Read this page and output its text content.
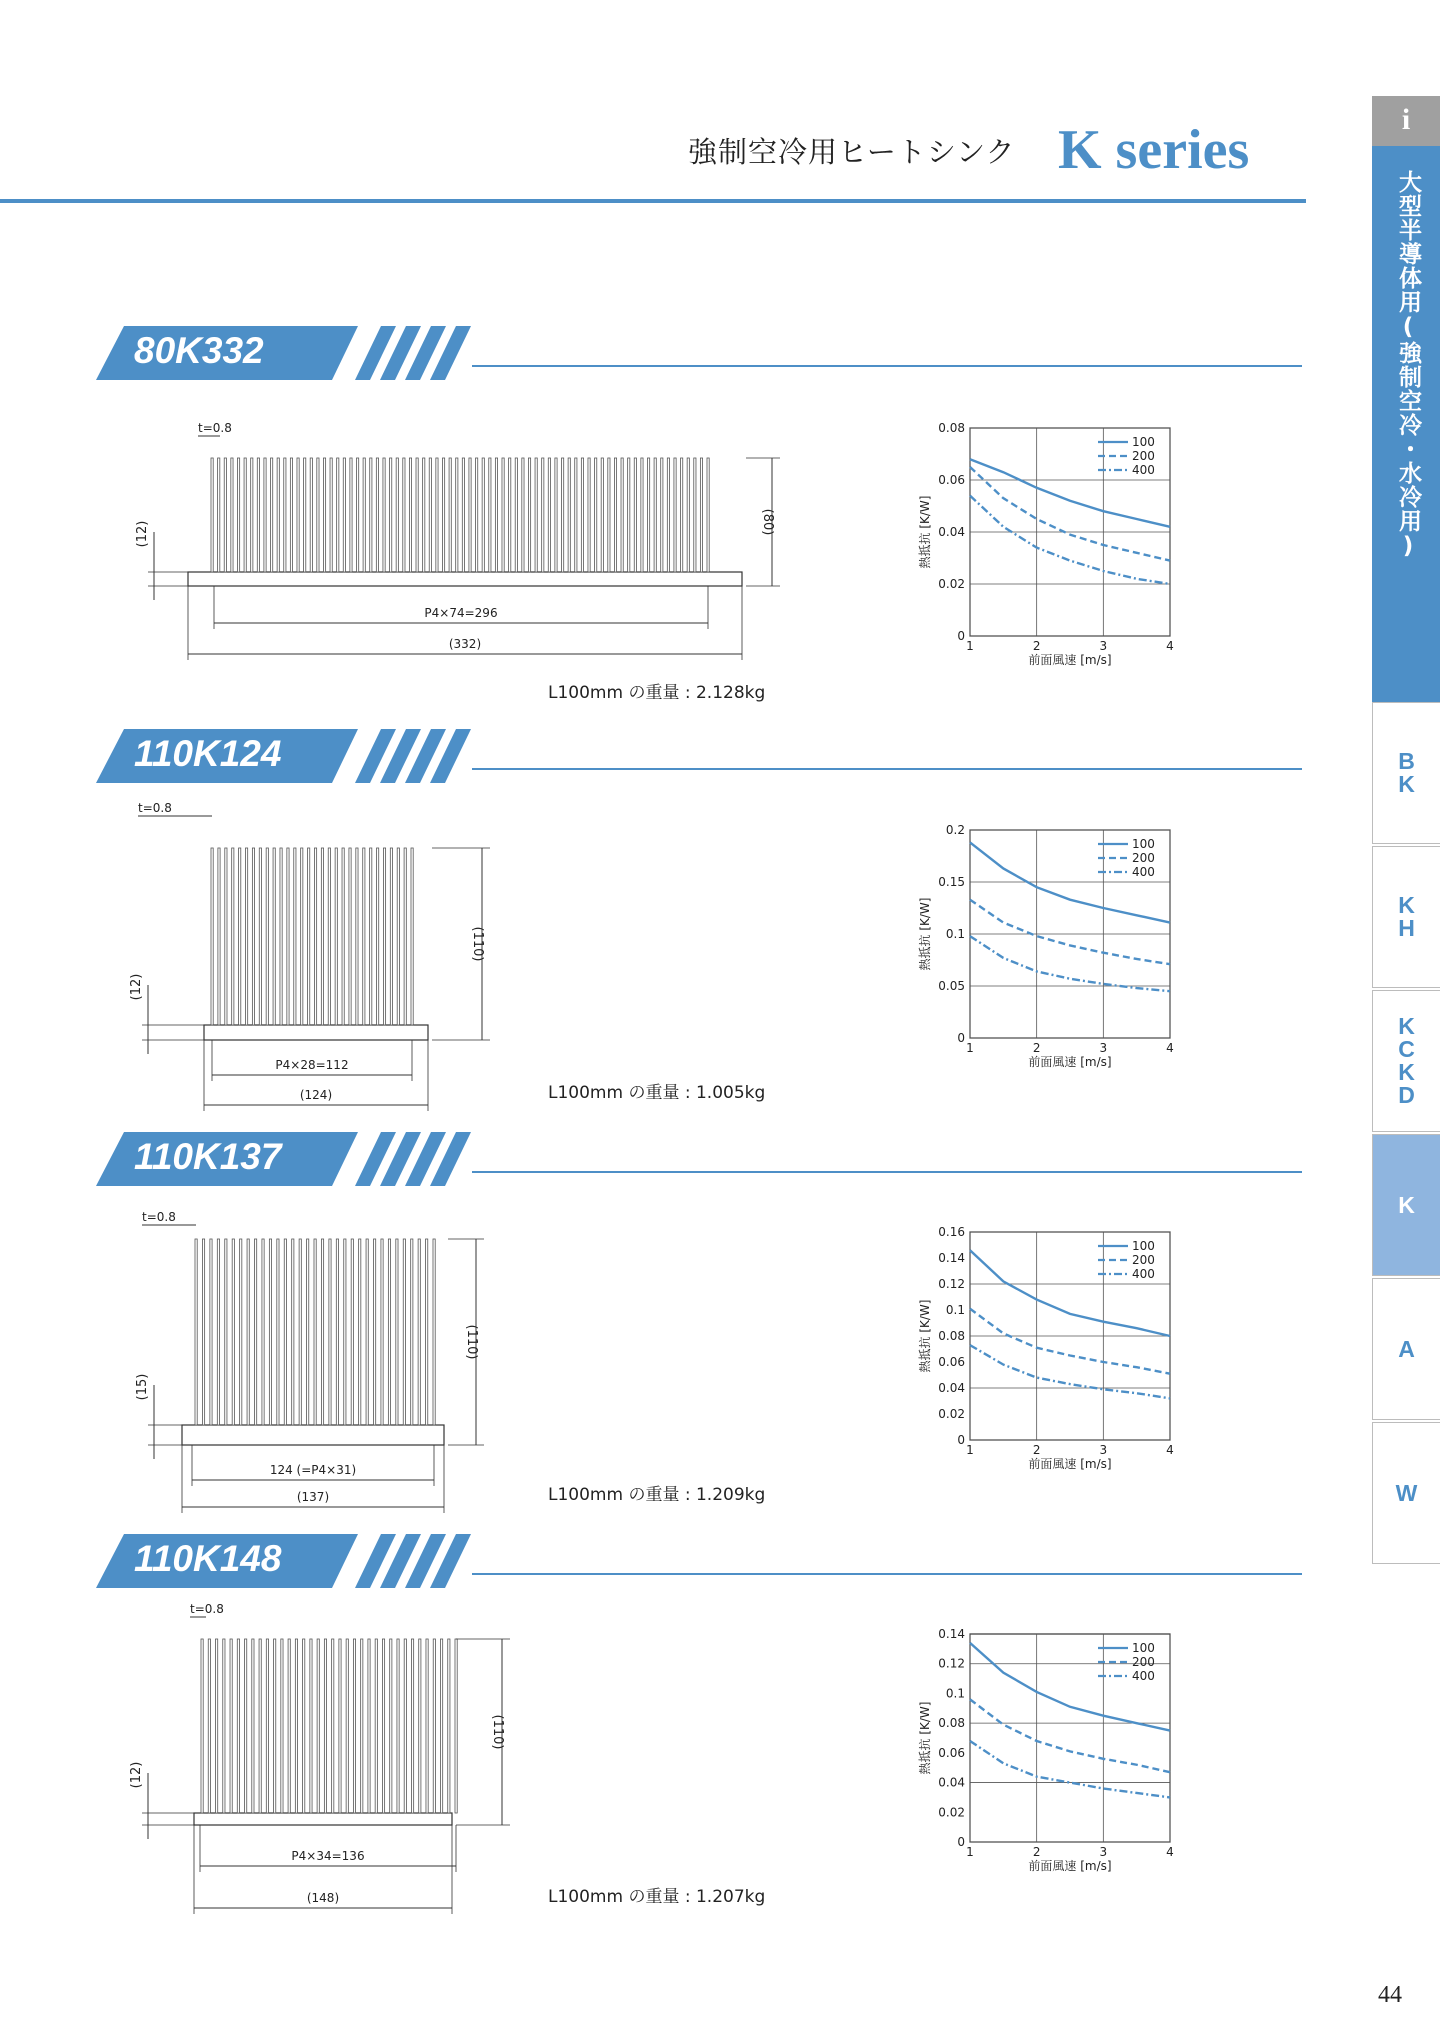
強制空冷用ヒートシンク K series	i
大型半導体用(強制空冷・水冷用)
B
K
K
H
K
C
K
D
K
A
W
80K332
110K124
110K137
110K148
t=0.8
(80)
(12)
P4×74=296
(332)
t=0.8
(110)
(12)
P4×28=112
(124)
t=0.8
(110)
(15)
124 (=P4×31)
(137)
t=0.8
(110)
(12)
P4×34=136
(148)
L100mm の重量 : 2.128kg
L100mm の重量 : 1.005kg
L100mm の重量 : 1.209kg
L100mm の重量 : 1.207kg
1	2	3	4
0
0.02
0.04
0.06
0.08
前面風速 [m/s]
熱抵抗 [K/W]
100
200
400
1	2	3	4
0
0.05
0.1
0.15
0.2
前面風速 [m/s]
熱抵抗 [K/W]
100
200
400
1	2	3	4
0
0.02
0.04
0.06
0.08
0.1
0.12
0.14
0.16
前面風速 [m/s]
熱抵抗 [K/W]
100
200
400
1	2	3	4
0
0.02
0.04
0.06
0.08
0.1
0.12
0.14
前面風速 [m/s]
熱抵抗 [K/W]
100
200
400
44
